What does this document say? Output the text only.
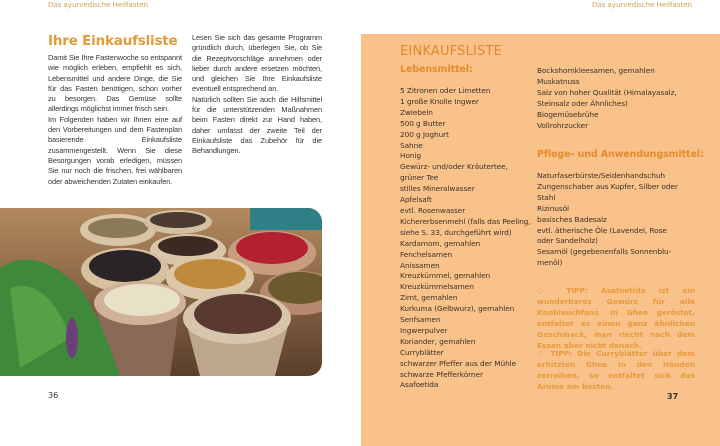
Das ayurvedische Heilfasten	Das ayurvedische Heilfasten
Ihre Einkaufsliste

Damit Sie Ihre Fastenwoche so entspannt wie möglich erleben, empfiehlt es sich, Lebensmittel und andere Dinge, die Sie für das Fasten benötigen, schon vorher zu besorgen. Das Gemüse sollte allerdings möglichst immer frisch sein.

Im Folgenden haben wir Ihnen eine auf den Vorbereitungen und dem Fastenplan basierende Einkaufsliste zusammengestellt. Wenn Sie diese Besorgungen vorab erledigen, müssen Sie nur noch die frischen, frei wählbaren oder abweichenden Zutaten einkaufen.

Lesen Sie sich das gesamte Programm gründlich durch, überlegen Sie, ob Sie die Rezeptvorschläge annehmen oder lieber durch andere ersetzen möchten, und gleichen Sie Ihre Einkaufsliste eventuell entsprechend an.

Natürlich sollten Sie auch die Hilfsmittel für die unterstützenden Maßnahmen beim Fasten direkt zur Hand haben, daher umfasst der zweite Teil der Einkaufsliste das Zubehör für die Behandlungen.

36
EINKAUFSLISTE
Lebensmittel:
5 Zitronen oder Limetten
1 große Knolle Ingwer
Zwiebeln
500 g Butter
200 g Joghurt
Sahne
Honig
Gewürz- und/oder Kräutertee,
grüner Tee
stilles Mineralwasser
Apfelsaft
evtl. Rosenwasser
Kichererbsenmehl (falls das Peeling,
siehe S. 33, durchgeführt wird)
Kardamom, gemahlen
Fenchelsamen
Anissamen
Kreuzkümmel, gemahlen
Kreuzkümmelsamen
Zimt, gemahlen
Kurkuma (Gelbwurz), gemahlen
Senfsamen
Ingwerpulver
Koriander, gemahlen
Curryblätter
schwarzer Pfeffer aus der Mühle
schwarze Pfefferkörner
Asafoetida
Bockshornkleesamen, gemahlen
Muskatnuss
Salz von hoher Qualität (Himalayasalz,
Steinsalz oder Ähnliches)
Biogemüsebrühe
Vollrohrzucker
Pflege- und Anwendungsmittel:
Naturfaserbürste/Seidenhandschuh
Zungenschaber aus Kupfer, Silber oder
Stahl
Rizinusöl
basisches Badesalz
evtl. ätherische Öle (Lavendel, Rose
oder Sandelholz)
Sesamöl (gegebenenfalls Sonnenblu-
menöl)
◇ TIPP: Asafoetida ist ein wunderbares Gewürz für alle Knoblauchfans. In Ghee geröstet, entfaltet es einen ganz ähnlichen Geschmack, man riecht nach dem Essen aber nicht danach.
◇ TIPP: Die Curryblätter über dem erhitzten Ghee in den Händen zerreiben, so entfaltet sich das Aroma am besten.
37
